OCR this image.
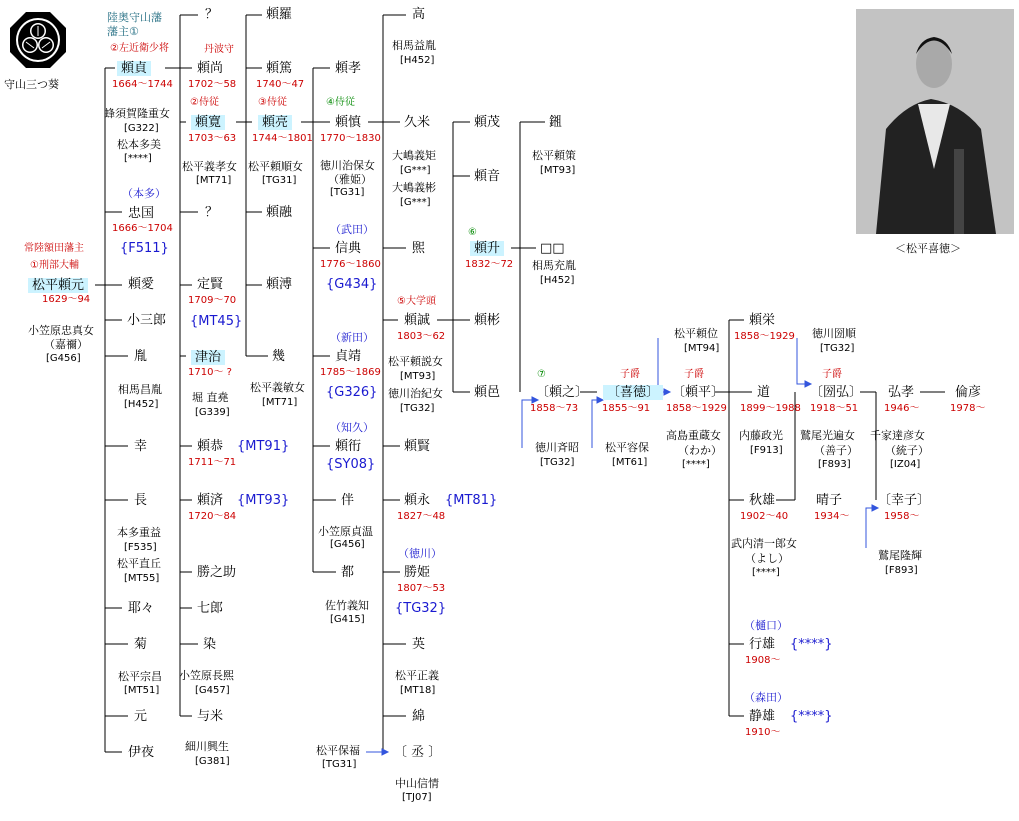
守山三つ葵
＜松平喜徳＞
陸奥守山藩
藩主①
常陸額田藩主
①刑部大輔
松平頼元
1629～94
小笠原忠真女
（嘉禰）
[G456]
②左近衛少将
頼貞
1664～1744
蜂須賀隆重女
[G322]
松本多美
[****]
（本多）
忠国
1666～1704
{F511}
頼愛
小三郎
胤
相馬昌胤
[H452]
幸
長
本多重益
[F535]
松平直丘
[MT55]
耶々
菊
松平宗昌
[MT51]
元
伊夜
？
丹波守
頼尚
1702～58
②侍従
頼寛
1703～63
松平義孝女
[MT71]
？
定賢
1709～70
{MT45}
津治
1710～ ?
堀 直堯
[G339]
頼恭
1711～71
{MT91}
頼済
1720～84
{MT93}
勝之助
七郎
染
小笠原長煕
[G457]
与米
細川興生
[G381]
頼羅
頼篤
1740～47
③侍従
頼亮
1744～1801
松平頼順女
[TG31]
頼融
頼溥
幾
松平義敏女
[MT71]
頼孝
④侍従
頼慎
1770～1830
徳川治保女
（雅姫）
[TG31]
（武田）
信典
1776～1860
{G434}
（新田）
貞靖
1785～1869
{G326}
（知久）
頼衎
{SY08}
伴
小笠原貞温
[G456]
都
佐竹義知
[G415]
高
相馬益胤
[H452]
久米
大嶋義矩
[G***]
大嶋義彬
[G***]
煕
⑤大学頭
頼誠
1803～62
松平頼説女
[MT93]
徳川治紀女
[TG32]
頼賢
頼永
1827～48
{MT81}
（徳川）
勝姫
1807～53
{TG32}
英
松平正義
[MT18]
綿
〔 丞 〕
松平保福
[TG31]
中山信情
[TJ07]
頼茂
頼音
⑥
頼升
1832～72
頼彬
頼邑
鎺
松平頼策
[MT93]
□□
相馬充胤
[H452]
⑦
〔頼之〕
1858～73
徳川斉昭
[TG32]
子爵
〔喜徳〕
1855～91
松平容保
[MT61]
松平頼位
[MT94]
子爵
〔頼平〕
1858～1929
高島重蔵女
（わか）
[****]
頼栄
1858～1929
道
1899～1988
内藤政光
[F913]
秋雄
1902～40
武内清一郎女
（よし）
[****]
（樋口）
行雄
1908～
{****}
（森田）
静雄
1910～
{****}
徳川圀順
[TG32]
子爵
〔圀弘〕
1918～51
鷲尾光遍女
（善子）
[F893]
晴子
1934～
弘孝
1946～
千家達彦女
（統子）
[IZ04]
倫彦
1978～
〔幸子〕
1958～
鷲尾隆輝
[F893]
